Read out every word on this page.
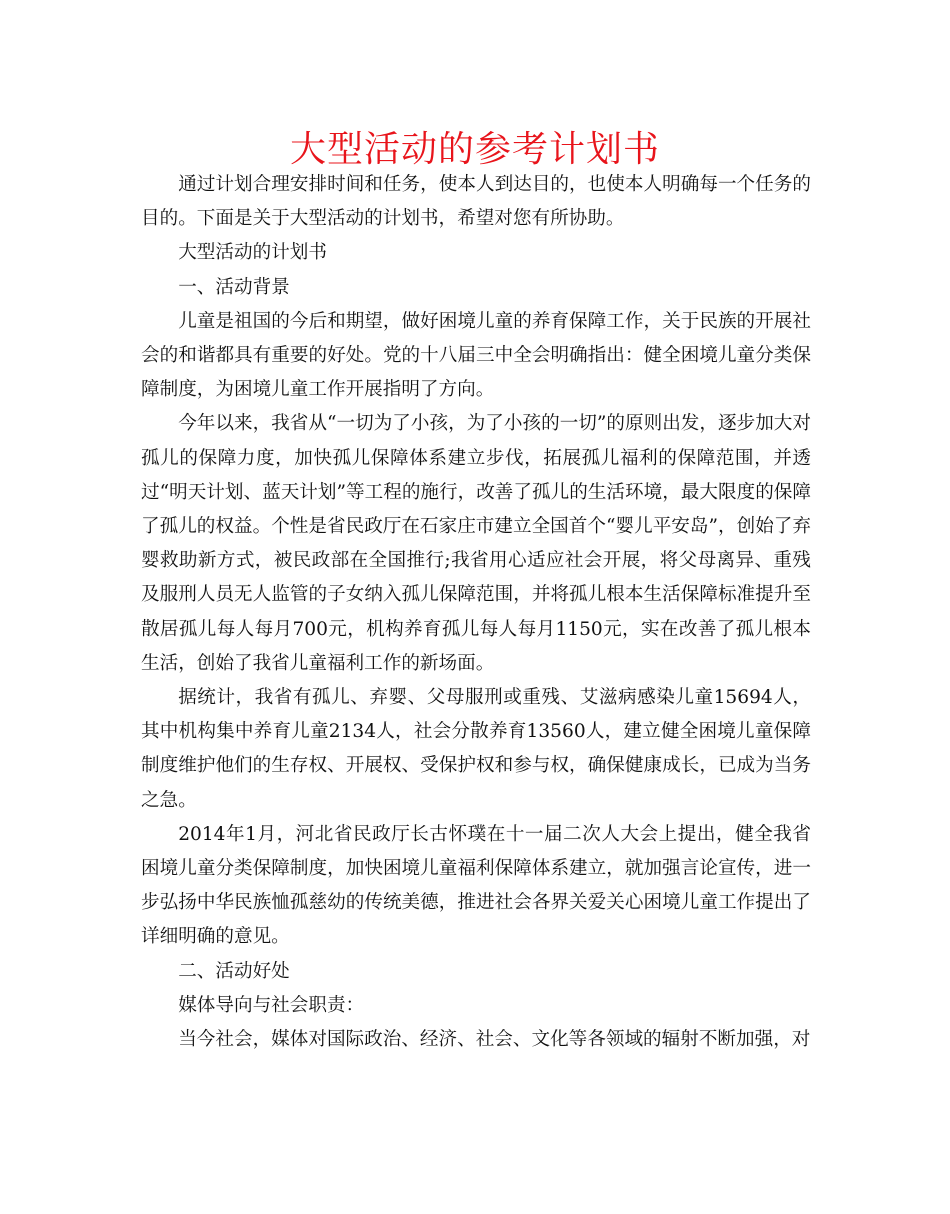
大型活动的参考计划书

通过计划合理安排时间和任务，使本人到达目的，也使本人明确每一个任务的目的。下面是关于大型活动的计划书，希望对您有所协助。

大型活动的计划书

一、活动背景

儿童是祖国的今后和期望，做好困境儿童的养育保障工作，关于民族的开展社会的和谐都具有重要的好处。党的十八届三中全会明确指出：健全困境儿童分类保障制度，为困境儿童工作开展指明了方向。

今年以来，我省从“一切为了小孩，为了小孩的一切”的原则出发，逐步加大对孤儿的保障力度，加快孤儿保障体系建立步伐，拓展孤儿福利的保障范围，并透过“明天计划、蓝天计划”等工程的施行，改善了孤儿的生活环境，最大限度的保障了孤儿的权益。个性是省民政厅在石家庄市建立全国首个“婴儿平安岛”，创始了弃婴救助新方式，被民政部在全国推行;我省用心适应社会开展，将父母离异、重残及服刑人员无人监管的子女纳入孤儿保障范围，并将孤儿根本生活保障标准提升至散居孤儿每人每月700元，机构养育孤儿每人每月1150元，实在改善了孤儿根本生活，创始了我省儿童福利工作的新场面。

据统计，我省有孤儿、弃婴、父母服刑或重残、艾滋病感染儿童15694人，其中机构集中养育儿童2134人，社会分散养育13560人，建立健全困境儿童保障制度维护他们的生存权、开展权、受保护权和参与权，确保健康成长，已成为当务之急。

2014年1月，河北省民政厅长古怀璞在十一届二次人大会上提出，健全我省困境儿童分类保障制度，加快困境儿童福利保障体系建立，就加强言论宣传，进一步弘扬中华民族恤孤慈幼的传统美德，推进社会各界关爱关心困境儿童工作提出了详细明确的意见。

二、活动好处

媒体导向与社会职责：

当今社会，媒体对国际政治、经济、社会、文化等各领域的辐射不断加强，对
